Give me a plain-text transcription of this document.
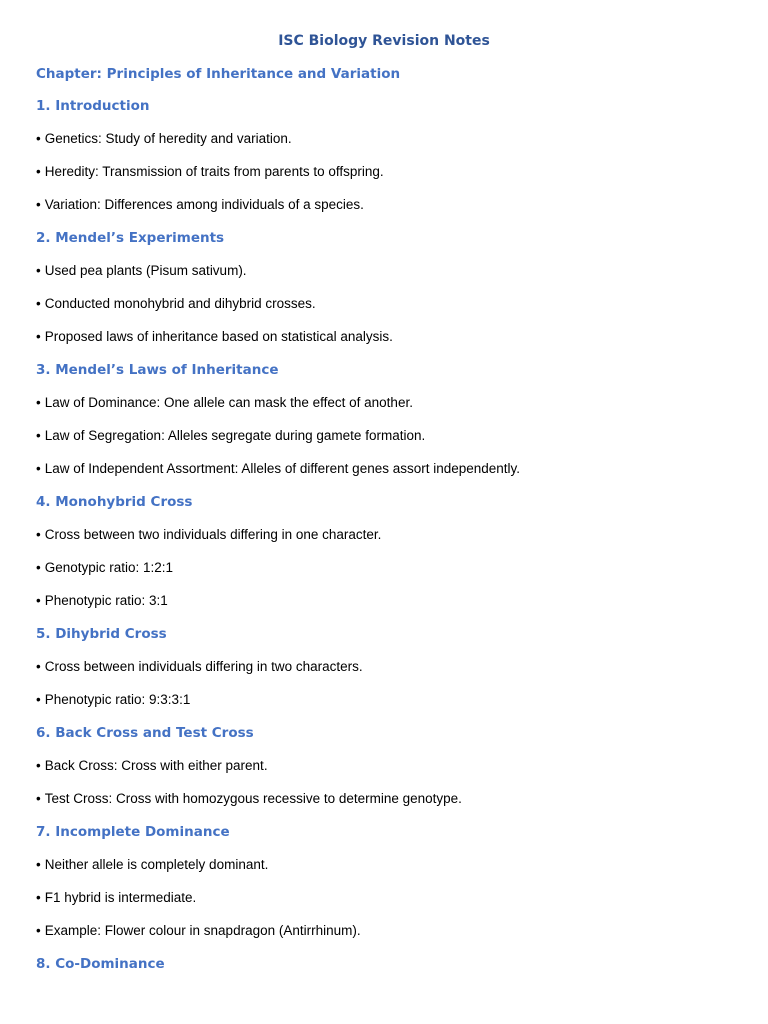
ISC Biology Revision Notes
Chapter: Principles of Inheritance and Variation
1. Introduction
• Genetics: Study of heredity and variation.
• Heredity: Transmission of traits from parents to offspring.
• Variation: Differences among individuals of a species.
2. Mendel’s Experiments
• Used pea plants (Pisum sativum).
• Conducted monohybrid and dihybrid crosses.
• Proposed laws of inheritance based on statistical analysis.
3. Mendel’s Laws of Inheritance
• Law of Dominance: One allele can mask the effect of another.
• Law of Segregation: Alleles segregate during gamete formation.
• Law of Independent Assortment: Alleles of different genes assort independently.
4. Monohybrid Cross
• Cross between two individuals differing in one character.
• Genotypic ratio: 1:2:1
• Phenotypic ratio: 3:1
5. Dihybrid Cross
• Cross between individuals differing in two characters.
• Phenotypic ratio: 9:3:3:1
6. Back Cross and Test Cross
• Back Cross: Cross with either parent.
• Test Cross: Cross with homozygous recessive to determine genotype.
7. Incomplete Dominance
• Neither allele is completely dominant.
• F1 hybrid is intermediate.
• Example: Flower colour in snapdragon (Antirrhinum).
8. Co-Dominance
